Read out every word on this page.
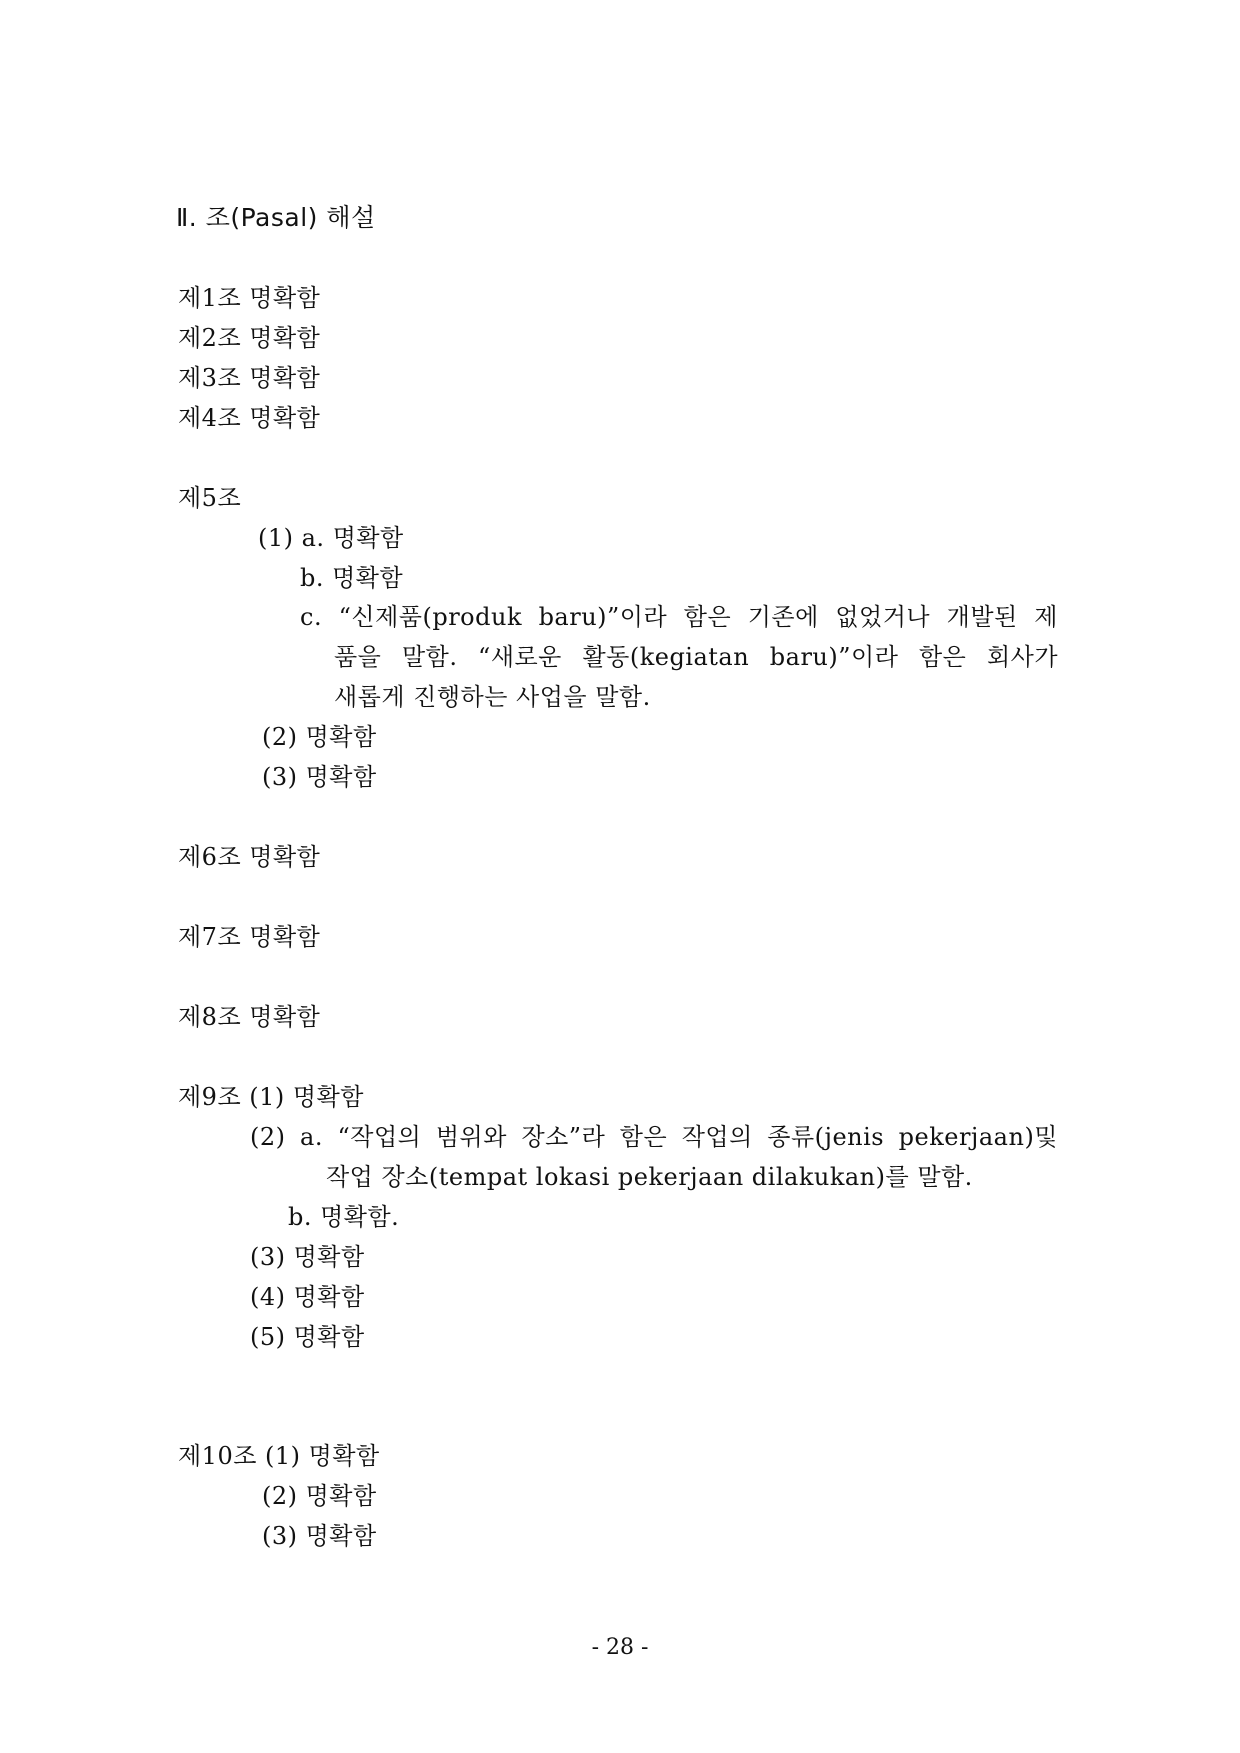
Ⅱ. 조(Pasal) 해설
제1조 명확함
제2조 명확함
제3조 명확함
제4조 명확함
제5조
(1) a. 명확함
b. 명확함
c. “신제품(produk baru)”이라 함은 기존에 없었거나 개발된 제
품을 말함. “새로운 활동(kegiatan baru)”이라 함은 회사가
새롭게 진행하는 사업을 말함.
(2) 명확함
(3) 명확함
제6조 명확함
제7조 명확함
제8조 명확함
제9조 (1) 명확함
(2) a. “작업의 범위와 장소”라 함은 작업의 종류(jenis pekerjaan)및
작업 장소(tempat lokasi pekerjaan dilakukan)를 말함.
b. 명확함.
(3) 명확함
(4) 명확함
(5) 명확함
제10조 (1) 명확함
(2) 명확함
(3) 명확함
- 28 -
